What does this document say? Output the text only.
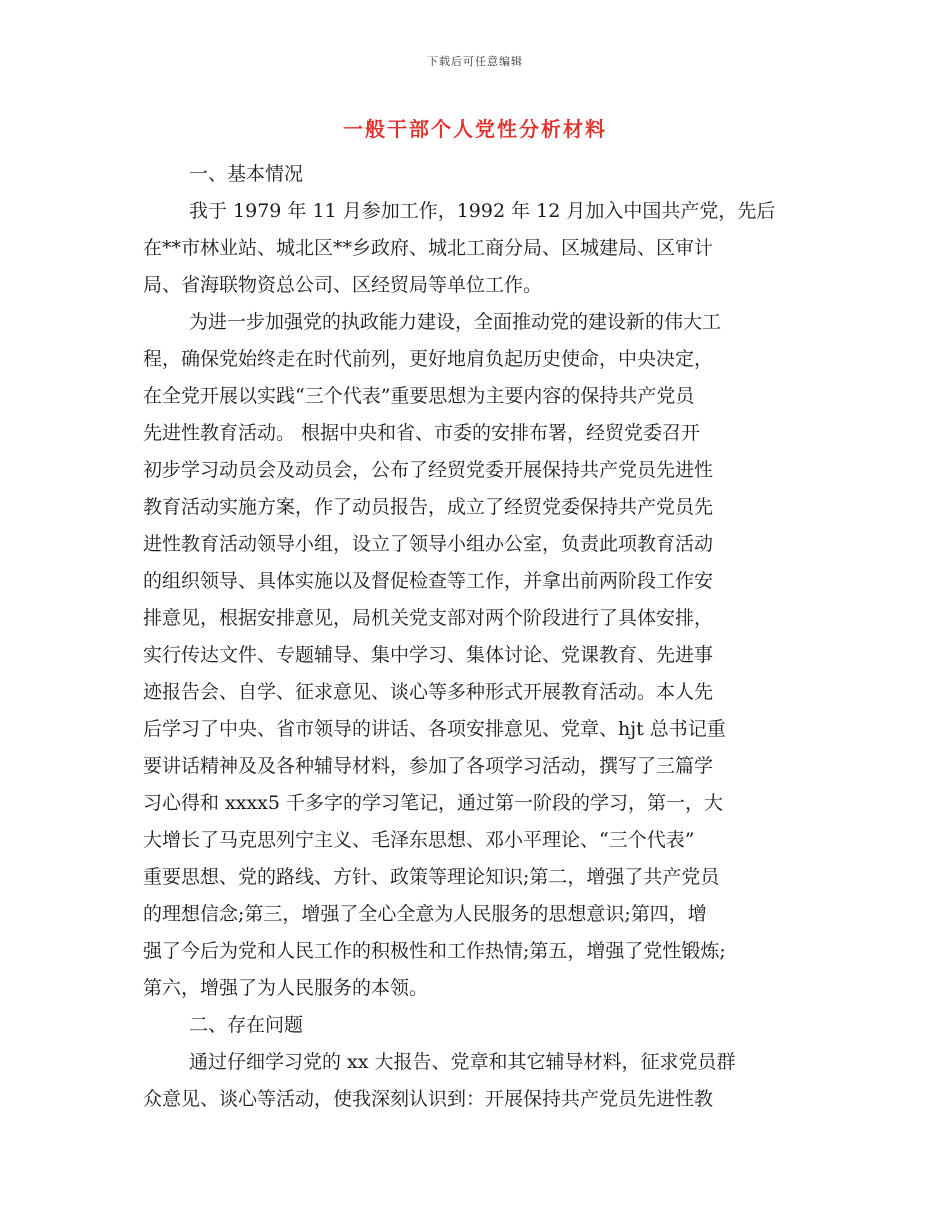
下载后可任意编辑
一般干部个人党性分析材料
一、基本情况
我于 1979 年 11 月参加工作，1992 年 12 月加入中国共产党，先后
在**市林业站、城北区**乡政府、城北工商分局、区城建局、区审计
局、省海联物资总公司、区经贸局等单位工作。
为进一步加强党的执政能力建设，全面推动党的建设新的伟大工
程，确保党始终走在时代前列，更好地肩负起历史使命，中央决定，
在全党开展以实践“三个代表”重要思想为主要内容的保持共产党员
先进性教育活动。 根据中央和省、市委的安排布署，经贸党委召开
初步学习动员会及动员会，公布了经贸党委开展保持共产党员先进性
教育活动实施方案，作了动员报告，成立了经贸党委保持共产党员先
进性教育活动领导小组，设立了领导小组办公室，负责此项教育活动
的组织领导、具体实施以及督促检查等工作，并拿出前两阶段工作安
排意见，根据安排意见，局机关党支部对两个阶段进行了具体安排，
实行传达文件、专题辅导、集中学习、集体讨论、党课教育、先进事
迹报告会、自学、征求意见、谈心等多种形式开展教育活动。本人先
后学习了中央、省市领导的讲话、各项安排意见、党章、hjt 总书记重
要讲话精神及及各种辅导材料，参加了各项学习活动，撰写了三篇学
习心得和 xxxx5 千多字的学习笔记，通过第一阶段的学习，第一，大
大增长了马克思列宁主义、毛泽东思想、邓小平理论、“三个代表”
重要思想、党的路线、方针、政策等理论知识;第二，增强了共产党员
的理想信念;第三，增强了全心全意为人民服务的思想意识;第四，增
强了今后为党和人民工作的积极性和工作热情;第五，增强了党性锻炼;
第六，增强了为人民服务的本领。
二、存在问题
通过仔细学习党的 xx 大报告、党章和其它辅导材料，征求党员群
众意见、谈心等活动，使我深刻认识到：开展保持共产党员先进性教
